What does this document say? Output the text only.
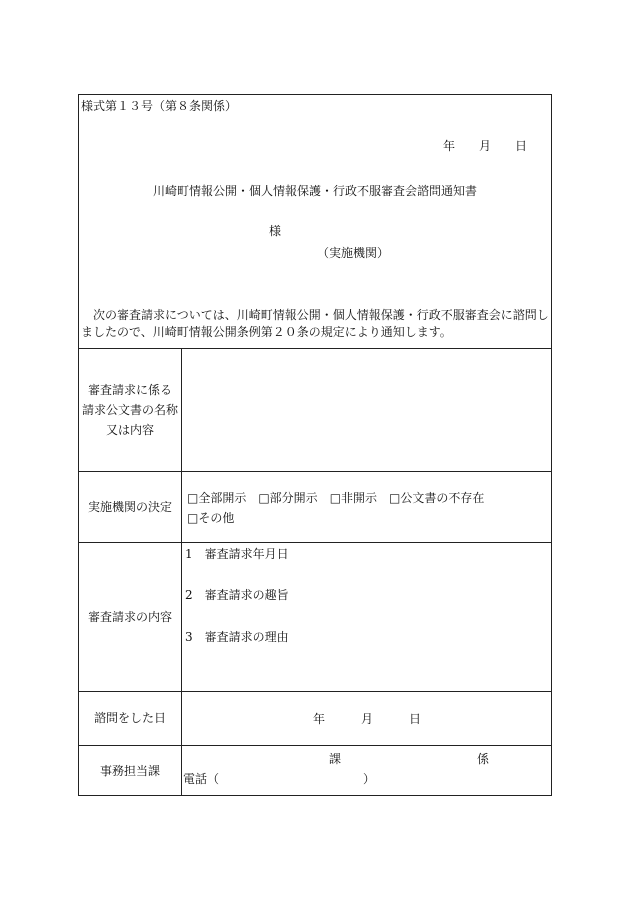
様式第１３号（第８条関係）
年　　月　　日
川崎町情報公開・個人情報保護・行政不服審査会諮問通知書
様
（実施機関）

次の審査請求については、川崎町情報公開・個人情報保護・行政不服審査会に諮問し

ましたので、川崎町情報公開条例第２０条の規定により通知します。

審査請求に係る
請求公文書の名称
又は内容
実施機関の決定
□全部開示 □部分開示 □非開示 □公文書の不存在
□その他
審査請求の内容
1　審査請求年月日
2　審査請求の趣旨
3　審査請求の理由
諮問をした日	年　　　月　　　日
事務担当課
課	係
電話（　　　　　　　　　　　　）
